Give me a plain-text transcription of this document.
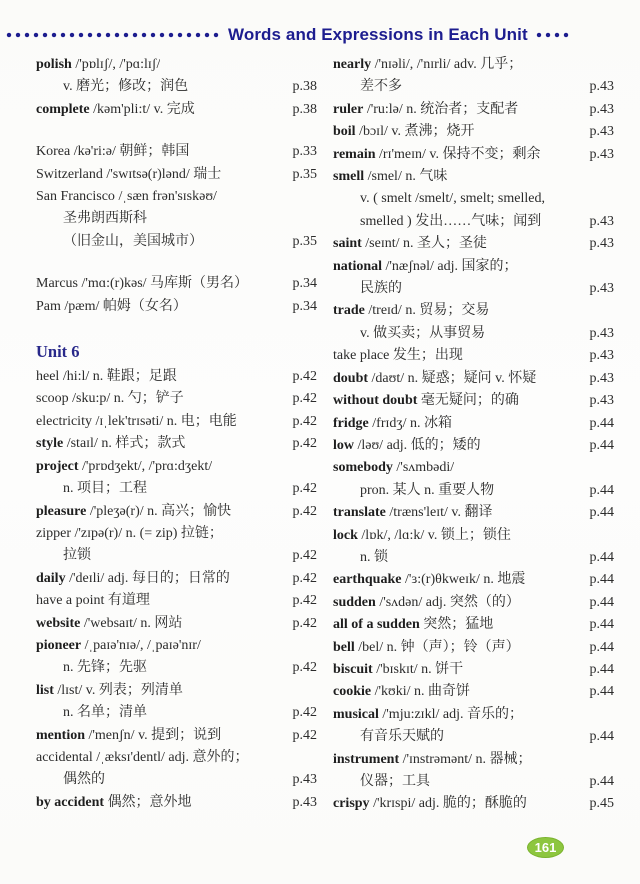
Words and Expressions in Each Unit
polish /'pɒlɪʃ/, /'pɑ:lɪʃ/
v. 磨光；修改；润色	p.38
complete /kəm'pli:t/ v. 完成	p.38
Korea /kə'ri:ə/ 朝鲜；韩国	p.33
Switzerland /'swɪtsə(r)lənd/ 瑞士	p.35
San Francisco /ˌsæn frən'sɪskəʊ/
圣弗朗西斯科
（旧金山，美国城市）	p.35
Marcus /'mɑ:(r)kəs/ 马库斯（男名）	p.34
Pam /pæm/ 帕姆（女名）	p.34
Unit 6
heel /hi:l/ n. 鞋跟；足跟	p.42
scoop /sku:p/ n. 勺；铲子	p.42
electricity /ɪˌlek'trɪsəti/ n. 电；电能	p.42
style /staɪl/ n. 样式；款式	p.42
project /'prɒdʒekt/, /'prɑ:dʒekt/
n. 项目；工程	p.42
pleasure /'pleʒə(r)/ n. 高兴；愉快	p.42
zipper /'zɪpə(r)/ n. (= zip) 拉链；
拉锁	p.42
daily /'deɪli/ adj. 每日的；日常的	p.42
have a point 有道理	p.42
website /'websaɪt/ n. 网站	p.42
pioneer /ˌpaɪə'nɪə/, /ˌpaɪə'nɪr/
n. 先锋；先驱	p.42
list /lɪst/ v. 列表；列清单
n. 名单；清单	p.42
mention /'menʃn/ v. 提到；说到	p.42
accidental /ˌæksɪ'dentl/ adj. 意外的；
偶然的	p.43
by accident 偶然；意外地	p.43
nearly /'nɪəli/, /'nɪrli/ adv. 几乎；
差不多	p.43
ruler /'ru:lə/ n. 统治者；支配者	p.43
boil /bɔɪl/ v. 煮沸；烧开	p.43
remain /rɪ'meɪn/ v. 保持不变；剩余	p.43
smell /smel/ n. 气味
v. ( smelt /smelt/, smelt; smelled,
smelled ) 发出……气味；闻到	p.43
saint /seɪnt/ n. 圣人；圣徒	p.43
national /'næʃnəl/ adj. 国家的；
民族的	p.43
trade /treɪd/ n. 贸易；交易
v. 做买卖；从事贸易	p.43
take place 发生；出现	p.43
doubt /daʊt/ n. 疑惑；疑问 v. 怀疑	p.43
without doubt 毫无疑问；的确	p.43
fridge /frɪdʒ/ n. 冰箱	p.44
low /ləʊ/ adj. 低的；矮的	p.44
somebody /'sʌmbədi/
pron. 某人 n. 重要人物	p.44
translate /træns'leɪt/ v. 翻译	p.44
lock /lɒk/, /lɑ:k/ v. 锁上；锁住
n. 锁	p.44
earthquake /'ɜ:(r)θkweɪk/ n. 地震	p.44
sudden /'sʌdən/ adj. 突然（的）	p.44
all of a sudden 突然；猛地	p.44
bell /bel/ n. 钟（声）；铃（声）	p.44
biscuit /'bɪskɪt/ n. 饼干	p.44
cookie /'kʊki/ n. 曲奇饼	p.44
musical /'mju:zɪkl/ adj. 音乐的；
有音乐天赋的	p.44
instrument /'ɪnstrəmənt/ n. 器械；
仪器；工具	p.44
crispy /'krɪspi/ adj. 脆的；酥脆的	p.45
161
